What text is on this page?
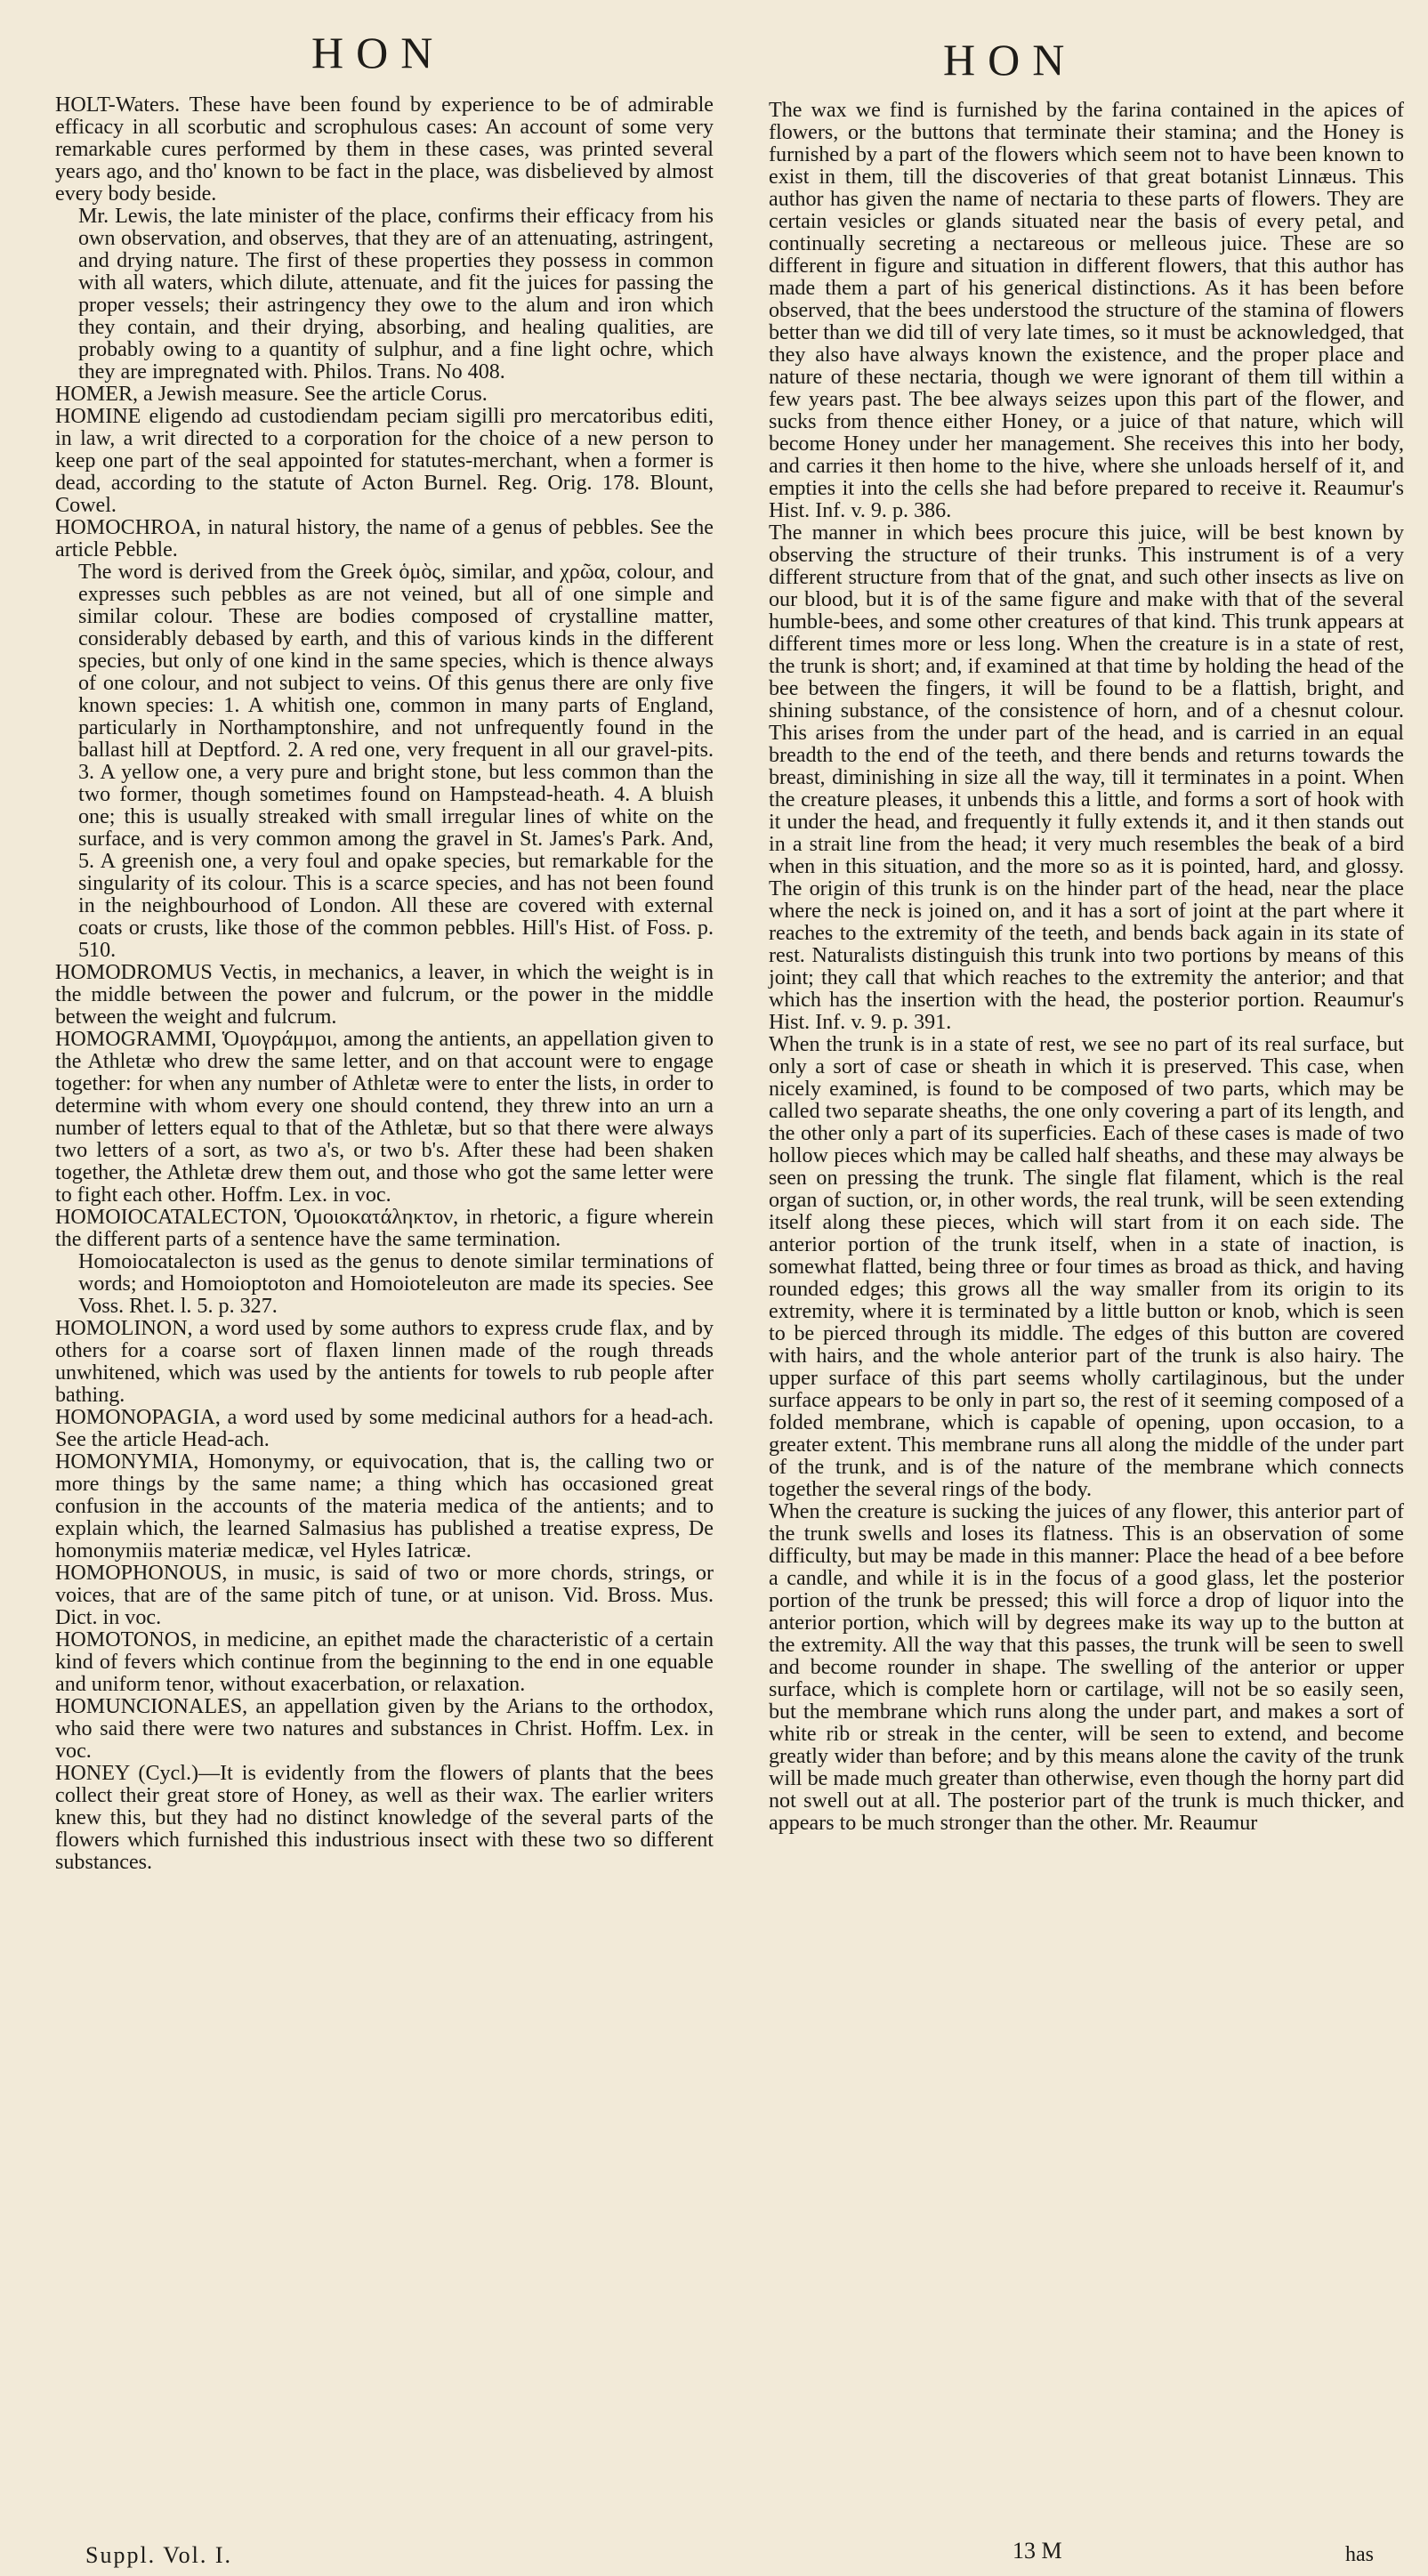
HON	HON

HOLT-Waters. These have been found by experience to be of admirable efficacy in all scorbutic and scrophulous cases: An account of some very remarkable cures performed by them in these cases, was printed several years ago, and tho' known to be fact in the place, was disbelieved by almost every body beside.

Mr. Lewis, the late minister of the place, confirms their efficacy from his own observation, and observes, that they are of an attenuating, astringent, and drying nature. The first of these properties they possess in common with all waters, which dilute, attenuate, and fit the juices for passing the proper vessels; their astringency they owe to the alum and iron which they contain, and their drying, absorbing, and healing qualities, are probably owing to a quantity of sulphur, and a fine light ochre, which they are impregnated with. Philos. Trans. No 408.

HOMER, a Jewish measure. See the article Corus.

HOMINE eligendo ad custodiendam peciam sigilli pro mercatoribus editi, in law, a writ directed to a corporation for the choice of a new person to keep one part of the seal appointed for statutes-merchant, when a former is dead, according to the statute of Acton Burnel. Reg. Orig. 178. Blount, Cowel.

HOMOCHROA, in natural history, the name of a genus of pebbles. See the article Pebble.

The word is derived from the Greek ὁμὸς, similar, and χρῶα, colour, and expresses such pebbles as are not veined, but all of one simple and similar colour. These are bodies composed of crystalline matter, considerably debased by earth, and this of various kinds in the different species, but only of one kind in the same species, which is thence always of one colour, and not subject to veins. Of this genus there are only five known species: 1. A whitish one, common in many parts of England, particularly in Northamptonshire, and not unfrequently found in the ballast hill at Deptford. 2. A red one, very frequent in all our gravel-pits. 3. A yellow one, a very pure and bright stone, but less common than the two former, though sometimes found on Hampstead-heath. 4. A bluish one; this is usually streaked with small irregular lines of white on the surface, and is very common among the gravel in St. James's Park. And, 5. A greenish one, a very foul and opake species, but remarkable for the singularity of its colour. This is a scarce species, and has not been found in the neighbourhood of London. All these are covered with external coats or crusts, like those of the common pebbles. Hill's Hist. of Foss. p. 510.

HOMODROMUS Vectis, in mechanics, a leaver, in which the weight is in the middle between the power and fulcrum, or the power in the middle between the weight and fulcrum.

HOMOGRAMMI, Ὁμογράμμοι, among the antients, an appellation given to the Athletæ who drew the same letter, and on that account were to engage together: for when any number of Athletæ were to enter the lists, in order to determine with whom every one should contend, they threw into an urn a number of letters equal to that of the Athletæ, but so that there were always two letters of a sort, as two a's, or two b's. After these had been shaken together, the Athletæ drew them out, and those who got the same letter were to fight each other. Hoffm. Lex. in voc.

HOMOIOCATALECTON, Ὁμοιοκατάληκτον, in rhetoric, a figure wherein the different parts of a sentence have the same termination.

Homoiocatalecton is used as the genus to denote similar terminations of words; and Homoioptoton and Homoioteleuton are made its species. See Voss. Rhet. l. 5. p. 327.

HOMOLINON, a word used by some authors to express crude flax, and by others for a coarse sort of flaxen linnen made of the rough threads unwhitened, which was used by the antients for towels to rub people after bathing.

HOMONOPAGIA, a word used by some medicinal authors for a head-ach. See the article Head-ach.

HOMONYMIA, Homonymy, or equivocation, that is, the calling two or more things by the same name; a thing which has occasioned great confusion in the accounts of the materia medica of the antients; and to explain which, the learned Salmasius has published a treatise express, De homonymiis materiæ medicæ, vel Hyles Iatricæ.

HOMOPHONOUS, in music, is said of two or more chords, strings, or voices, that are of the same pitch of tune, or at unison. Vid. Bross. Mus. Dict. in voc.

HOMOTONOS, in medicine, an epithet made the characteristic of a certain kind of fevers which continue from the beginning to the end in one equable and uniform tenor, without exacerbation, or relaxation.

HOMUNCIONALES, an appellation given by the Arians to the orthodox, who said there were two natures and substances in Christ. Hoffm. Lex. in voc.

HONEY (Cycl.)—It is evidently from the flowers of plants that the bees collect their great store of Honey, as well as their wax. The earlier writers knew this, but they had no distinct knowledge of the several parts of the flowers which furnished this industrious insect with these two so different substances.

The wax we find is furnished by the farina contained in the apices of flowers, or the buttons that terminate their stamina; and the Honey is furnished by a part of the flowers which seem not to have been known to exist in them, till the discoveries of that great botanist Linnæus. This author has given the name of nectaria to these parts of flowers. They are certain vesicles or glands situated near the basis of every petal, and continually secreting a nectareous or melleous juice. These are so different in figure and situation in different flowers, that this author has made them a part of his generical distinctions. As it has been before observed, that the bees understood the structure of the stamina of flowers better than we did till of very late times, so it must be acknowledged, that they also have always known the existence, and the proper place and nature of these nectaria, though we were ignorant of them till within a few years past. The bee always seizes upon this part of the flower, and sucks from thence either Honey, or a juice of that nature, which will become Honey under her management. She receives this into her body, and carries it then home to the hive, where she unloads herself of it, and empties it into the cells she had before prepared to receive it. Reaumur's Hist. Inf. v. 9. p. 386.

The manner in which bees procure this juice, will be best known by observing the structure of their trunks. This instrument is of a very different structure from that of the gnat, and such other insects as live on our blood, but it is of the same figure and make with that of the several humble-bees, and some other creatures of that kind. This trunk appears at different times more or less long. When the creature is in a state of rest, the trunk is short; and, if examined at that time by holding the head of the bee between the fingers, it will be found to be a flattish, bright, and shining substance, of the consistence of horn, and of a chesnut colour. This arises from the under part of the head, and is carried in an equal breadth to the end of the teeth, and there bends and returns towards the breast, diminishing in size all the way, till it terminates in a point. When the creature pleases, it unbends this a little, and forms a sort of hook with it under the head, and frequently it fully extends it, and it then stands out in a strait line from the head; it very much resembles the beak of a bird when in this situation, and the more so as it is pointed, hard, and glossy. The origin of this trunk is on the hinder part of the head, near the place where the neck is joined on, and it has a sort of joint at the part where it reaches to the extremity of the teeth, and bends back again in its state of rest. Naturalists distinguish this trunk into two portions by means of this joint; they call that which reaches to the extremity the anterior; and that which has the insertion with the head, the posterior portion. Reaumur's Hist. Inf. v. 9. p. 391.

When the trunk is in a state of rest, we see no part of its real surface, but only a sort of case or sheath in which it is preserved. This case, when nicely examined, is found to be composed of two parts, which may be called two separate sheaths, the one only covering a part of its length, and the other only a part of its superficies. Each of these cases is made of two hollow pieces which may be called half sheaths, and these may always be seen on pressing the trunk. The single flat filament, which is the real organ of suction, or, in other words, the real trunk, will be seen extending itself along these pieces, which will start from it on each side. The anterior portion of the trunk itself, when in a state of inaction, is somewhat flatted, being three or four times as broad as thick, and having rounded edges; this grows all the way smaller from its origin to its extremity, where it is terminated by a little button or knob, which is seen to be pierced through its middle. The edges of this button are covered with hairs, and the whole anterior part of the trunk is also hairy. The upper surface of this part seems wholly cartilaginous, but the under surface appears to be only in part so, the rest of it seeming composed of a folded membrane, which is capable of opening, upon occasion, to a greater extent. This membrane runs all along the middle of the under part of the trunk, and is of the nature of the membrane which connects together the several rings of the body.

When the creature is sucking the juices of any flower, this anterior part of the trunk swells and loses its flatness. This is an observation of some difficulty, but may be made in this manner: Place the head of a bee before a candle, and while it is in the focus of a good glass, let the posterior portion of the trunk be pressed; this will force a drop of liquor into the anterior portion, which will by degrees make its way up to the button at the extremity. All the way that this passes, the trunk will be seen to swell and become rounder in shape. The swelling of the anterior or upper surface, which is complete horn or cartilage, will not be so easily seen, but the membrane which runs along the under part, and makes a sort of white rib or streak in the center, will be seen to extend, and become greatly wider than before; and by this means alone the cavity of the trunk will be made much greater than otherwise, even though the horny part did not swell out at all. The posterior part of the trunk is much thicker, and appears to be much stronger than the other. Mr. Reaumur

Suppl. Vol. I.	13 M	has
